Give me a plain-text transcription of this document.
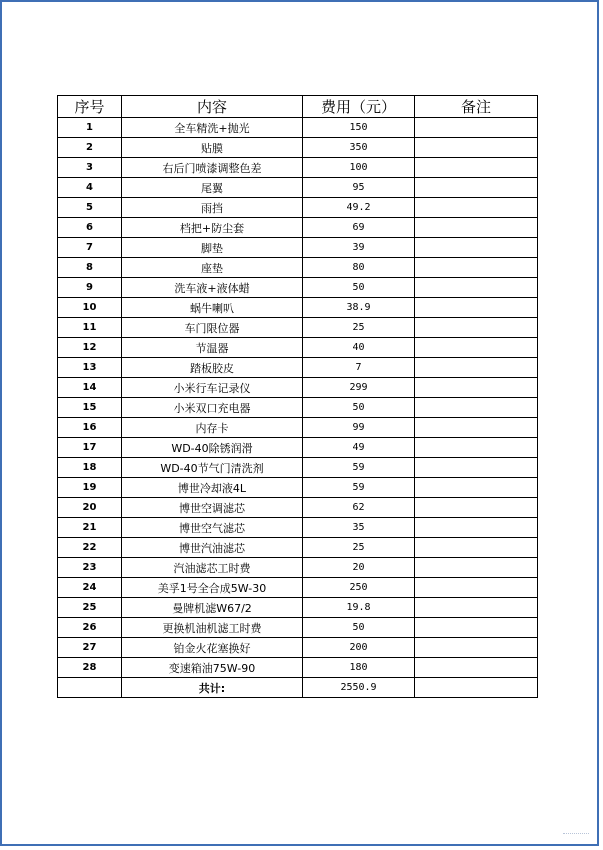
序号	内容	费用（元）	备注
1	全车精洗+抛光	150	
2	贴膜	350	
3	右后门喷漆调整色差	100	
4	尾翼	95	
5	雨挡	49.2	
6	档把+防尘套	69	
7	脚垫	39	
8	座垫	80	
9	洗车液+液体蜡	50	
10	蜗牛喇叭	38.9	
11	车门限位器	25	
12	节温器	40	
13	踏板胶皮	7	
14	小米行车记录仪	299	
15	小米双口充电器	50	
16	内存卡	99	
17	WD-40除锈润滑	49	
18	WD-40节气门清洗剂	59	
19	博世冷却液4L	59	
20	博世空调滤芯	62	
21	博世空气滤芯	35	
22	博世汽油滤芯	25	
23	汽油滤芯工时费	20	
24	美孚1号全合成5W-30	250	
25	曼牌机滤W67/2	19.8	
26	更换机油机滤工时费	50	
27	铂金火花塞换好	200	
28	变速箱油75W-90	180	
	共计:	2550.9	
